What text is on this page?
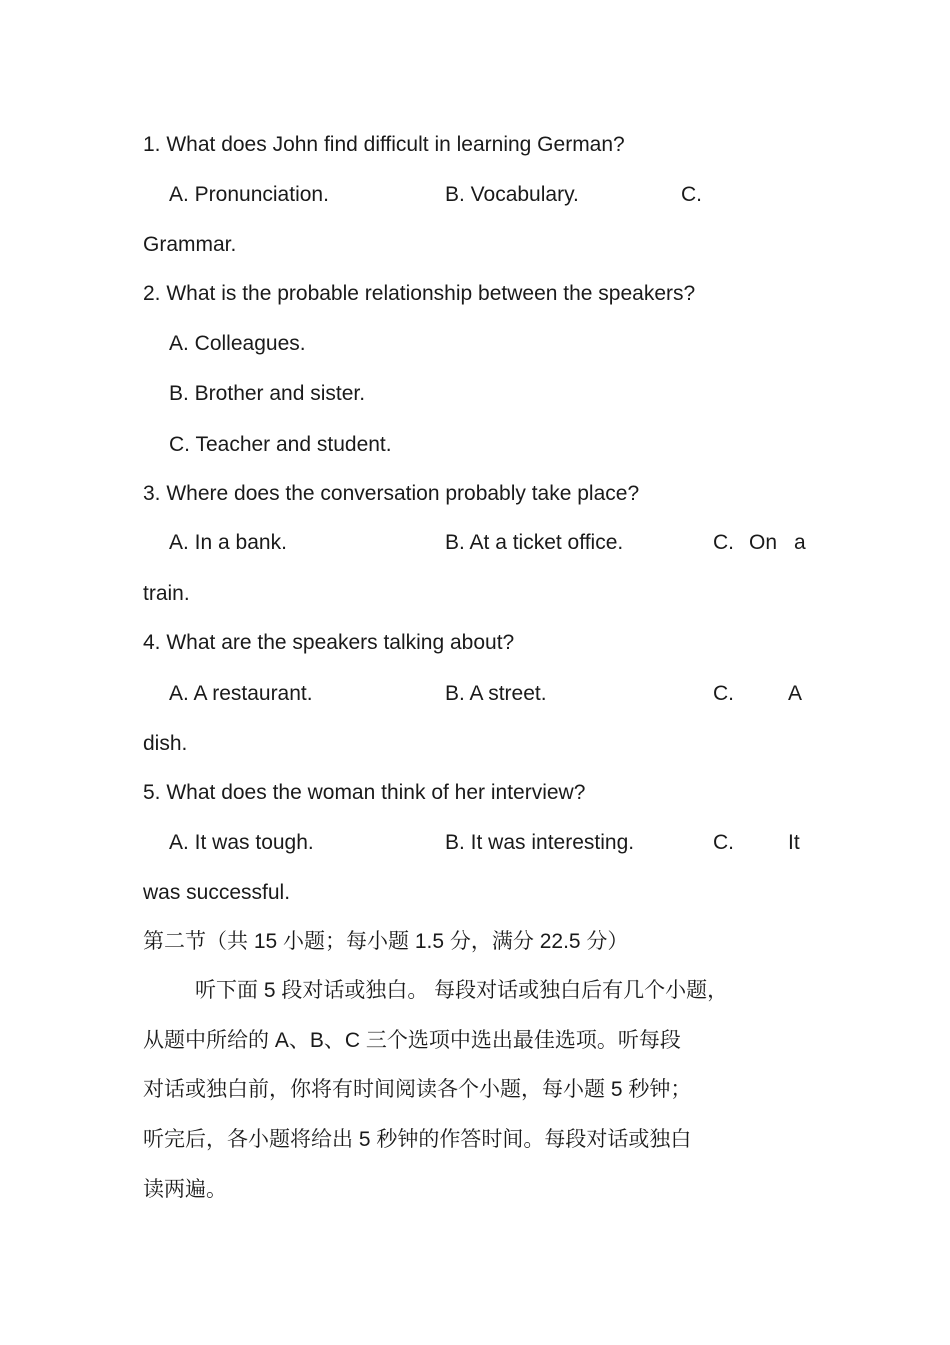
1. What does John find difficult in learning German?
A. Pronunciation.	B. Vocabulary.	C.
Grammar.
2. What is the probable relationship between the speakers?
A. Colleagues.
B. Brother and sister.
C. Teacher and student.
3. Where does the conversation probably take place?
A. In a bank.	B. At a ticket office.	C. On a
train.
4. What are the speakers talking about?
A. A restaurant.	B. A street.	C.	A
dish.
5. What does the woman think of her interview?
A. It was tough.	B. It was interesting.	C.	It
was successful.
第二节（共 15 小题；每小题 1.5 分，满分 22.5 分）
听下面 5 段对话或独白。 每段对话或独白后有几个小题，
从题中所给的 A、B、C 三个选项中选出最佳选项。听每段
对话或独白前，你将有时间阅读各个小题，每小题 5 秒钟；
听完后，各小题将给出 5 秒钟的作答时间。每段对话或独白
读两遍。
